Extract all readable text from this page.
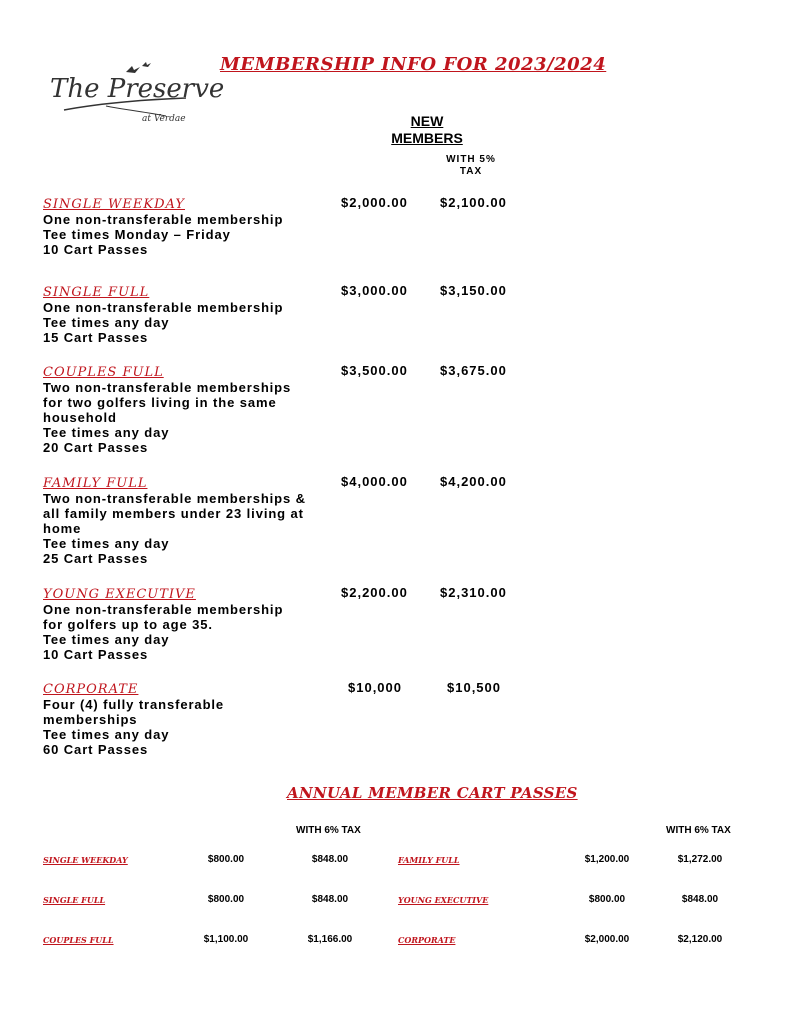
MEMBERSHIP INFO FOR 2023/2024
The Preserve
at Verdae	NEW MEMBERS
WITH 5% TAX
SINGLE WEEKDAY
One non-transferable membership
Tee times Monday – Friday
10 Cart Passes
$2,000.00 $2,100.00
SINGLE FULL
One non-transferable membership
Tee times any day
15 Cart Passes
$3,000.00 $3,150.00
COUPLES FULL
Two non-transferable memberships
for two golfers living in the same
household
Tee times any day
20 Cart Passes
$3,500.00 $3,675.00
FAMILY FULL
Two non-transferable memberships &
all family members under 23 living at
home
Tee times any day
25 Cart Passes
$4,000.00 $4,200.00
YOUNG EXECUTIVE
One non-transferable membership
for golfers up to age 35.
Tee times any day
10 Cart Passes
$2,200.00 $2,310.00
CORPORATE
Four (4) fully transferable
memberships
Tee times any day
60 Cart Passes
$10,000	$10,500
ANNUAL MEMBER CART PASSES
WITH 6% TAX	WITH 6% TAX
SINGLE WEEKDAY	$800.00	$848.00
SINGLE FULL	$800.00	$848.00
COUPLES FULL	$1,100.00	$1,166.00
FAMILY FULL	$1,200.00	$1,272.00
YOUNG EXECUTIVE	$800.00	$848.00
CORPORATE	$2,000.00	$2,120.00
